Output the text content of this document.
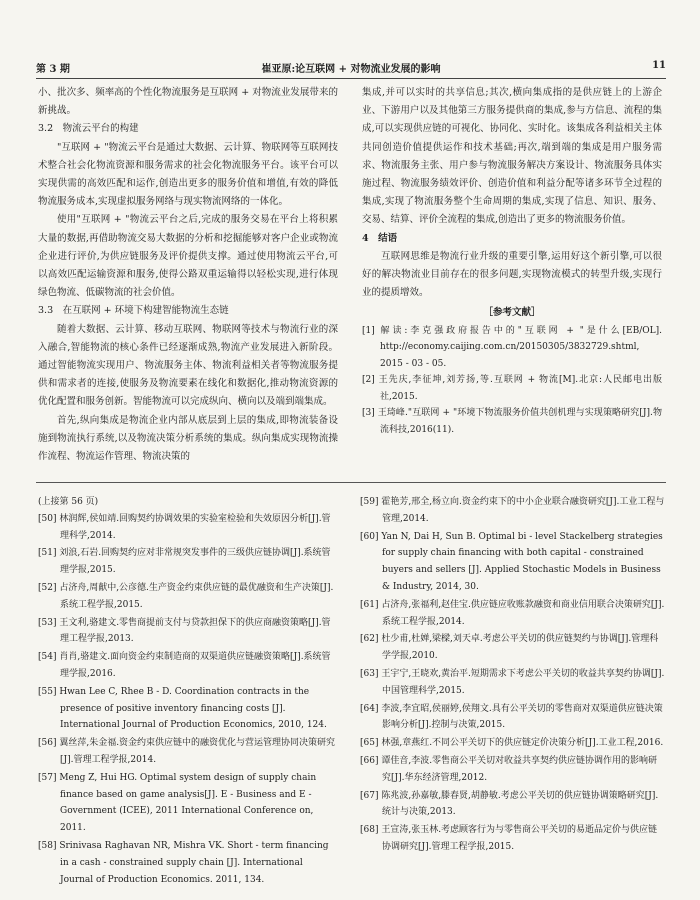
第 3 期	崔亚原:论互联网 + 对物流业发展的影响	11

小、批次多、频率高的个性化物流服务是互联网 + 对物流业发展带来的新挑战。

3.2　物流云平台的构建

"互联网 + "物流云平台是通过大数据、云计算、物联网等互联网技术整合社会化物流资源和服务需求的社会化物流服务平台。该平台可以实现供需的高效匹配和运作,创造出更多的服务价值和增值,有效的降低物流服务成本,实现虚拟服务网络与现实物流网络的一体化。

使用"互联网 + "物流云平台之后,完成的服务交易在平台上将积累大量的数据,再借助物流交易大数据的分析和挖掘能够对客户企业或物流企业进行评价,为供应链服务及评价提供支撑。通过使用物流云平台,可以高效匹配运输资源和服务,使得公路双重运输得以轻松实现,进行体现绿色物流、低碳物流的社会价值。

3.3　在互联网 + 环境下构建智能物流生态链

随着大数据、云计算、移动互联网、物联网等技术与物流行业的深入融合,智能物流的核心条件已经逐渐成熟,物流产业发展进入新阶段。通过智能物流实现用户、物流服务主体、物流利益相关者等物流服务提供和需求者的连接,使服务及物流要素在线化和数据化,推动物流资源的优化配置和服务创新。智能物流可以完成纵向、横向以及端到端集成。

首先,纵向集成是物流企业内部从底层到上层的集成,即物流装备设施到物流执行系统,以及物流决策分析系统的集成。纵向集成实现物流操作流程、物流运作管理、物流决策的

集成,并可以实时的共享信息;其次,横向集成指的是供应链上的上游企业、下游用户以及其他第三方服务提供商的集成,参与方信息、流程的集成,可以实现供应链的可视化、协同化、实时化。该集成各利益相关主体共同创造价值提供运作和技术基础;再次,端到端的集成是用户服务需求、物流服务主张、用户参与物流服务解决方案设计、物流服务具体实施过程、物流服务绩效评价、创造价值和利益分配等诸多环节全过程的集成,实现了物流服务整个生命周期的集成,实现了信息、知识、服务、交易、结算、评价全流程的集成,创造出了更多的物流服务价值。

4　结语

互联网思维是物流行业升级的重要引擎,运用好这个新引擎,可以很好的解决物流业目前存在的很多问题,实现物流模式的转型升级,实现行业的提质增效。

［参考文献］

[1] 解读:李克强政府报告中的"互联网 + "是什么[EB/OL]. http://economy.caijing.com.cn/20150305/3832729.shtml, 2015 - 03 - 05.

[2] 王先庆,李征坤,刘芳扬,等.互联网 + 物流[M].北京:人民邮电出版社,2015.

[3] 王琦峰."互联网 + "环境下物流服务价值共创机理与实现策略研究[J].物流科技,2016(11).

(上接第 56 页)

[50] 林润辉,侯如靖.回购契约协调效果的实验室检验和失效原因分析[J].管理科学,2014.

[51] 刘浪,石岩.回购契约应对非常规突发事件的三级供应链协调[J].系统管理学报,2015.

[52] 占济舟,周献中,公彦德.生产资金约束供应链的最优融资和生产决策[J].系统工程学报,2015.

[53] 王文利,骆建文.零售商提前支付与贷款担保下的供应商融资策略[J].管理工程学报,2013.

[54] 肖肖,骆建文.面向资金约束制造商的双渠道供应链融资策略[J].系统管理学报,2016.

[55] Hwan Lee C, Rhee B - D. Coordination contracts in the presence of positive inventory financing costs [J]. International Journal of Production Economics, 2010, 124.

[56] 翼丝萍,朱金福.资金约束供应链中的融资优化与营运管理协同决策研究[J].管理工程学报,2014.

[57] Meng Z, Hui HG. Optimal system design of supply chain finance based on game analysis[J]. E - Business and E - Government (ICEE), 2011 International Conference on, 2011.

[58] Srinivasa Raghavan NR, Mishra VK. Short - term financing in a cash - constrained supply chain [J]. International Journal of Production Economics. 2011, 134.

[59] 霍艳芳,邢全,杨立向.资金约束下的中小企业联合融资研究[J].工业工程与管理,2014.

[60] Yan N, Dai H, Sun B. Optimal bi - level Stackelberg strategies for supply chain financing with both capital - constrained buyers and sellers [J]. Applied Stochastic Models in Business & Industry, 2014, 30.

[61] 占济舟,张福利,赵佳宝.供应链应收账款融资和商业信用联合决策研究[J].系统工程学报,2014.

[62] 杜少甫,杜婵,梁樑,刘天卓.考虑公平关切的供应链契约与协调[J].管理科学学报,2010.

[63] 王宇宁,王晓欢,黄治平.短期需求下考虑公平关切的收益共享契约协调[J].中国管理科学,2015.

[64] 李波,李宜昭,侯丽婷,侯翔文.具有公平关切的零售商对双渠道供应链决策影响分析[J].控制与决策,2015.

[65] 林强,章燕红.不同公平关切下的供应链定价决策分析[J].工业工程,2016.

[66] 谭佳音,李波.零售商公平关切对收益共享契约供应链协调作用的影响研究[J].华东经济管理,2012.

[67] 陈兆波,孙嘉敏,滕春贤,胡静敏.考虑公平关切的供应链协调策略研究[J].统计与决策,2013.

[68] 王宣涛,张玉林.考虑顾客行为与零售商公平关切的易逝品定价与供应链协调研究[J].管理工程学报,2015.
